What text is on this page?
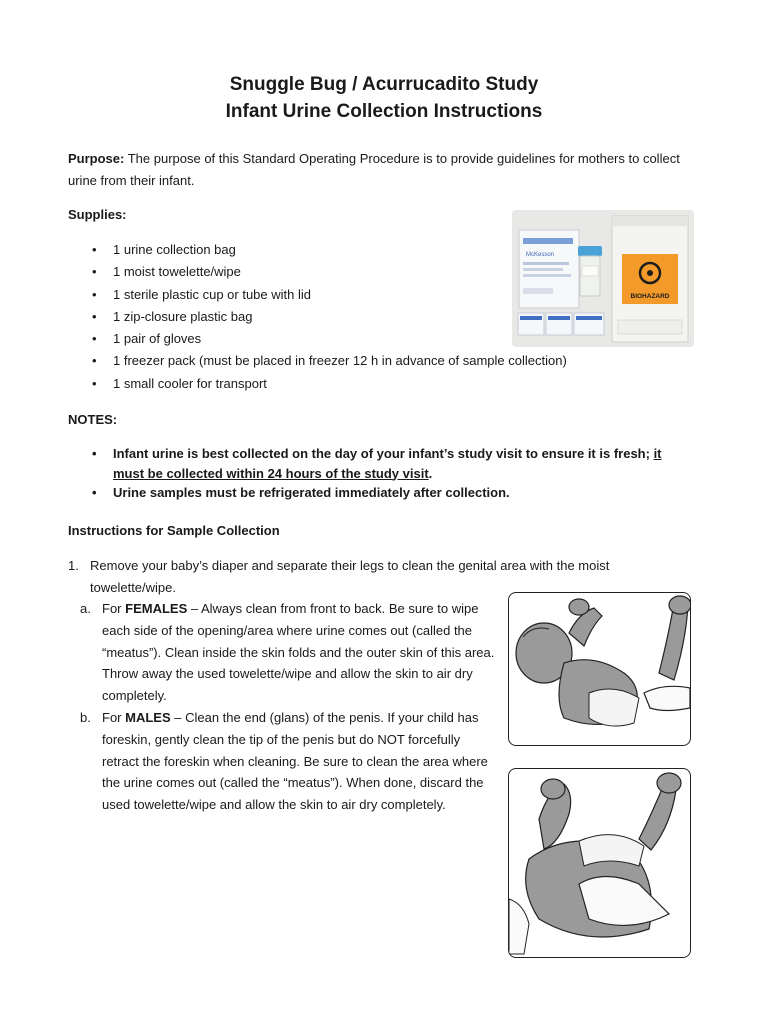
Snuggle Bug / Acurrucadito Study
Infant Urine Collection Instructions
Purpose: The purpose of this Standard Operating Procedure is to provide guidelines for mothers to collect urine from their infant.
Supplies:
• 1 urine collection bag
• 1 moist towelette/wipe
• 1 sterile plastic cup or tube with lid
• 1 zip-closure plastic bag
• 1 pair of gloves
• 1 freezer pack (must be placed in freezer 12 h in advance of sample collection)
• 1 small cooler for transport
McKesson
BIOHAZARD
NOTES:
• Infant urine is best collected on the day of your infant’s study visit to ensure it is fresh; it must be collected within 24 hours of the study visit.
• Urine samples must be refrigerated immediately after collection.
Instructions for Sample Collection
1. Remove your baby’s diaper and separate their legs to clean the genital area with the moist towelette/wipe.
a. For FEMALES – Always clean from front to back. Be sure to wipe each side of the opening/area where urine comes out (called the “meatus”). Clean inside the skin folds and the outer skin of this area. Throw away the used towelette/wipe and allow the skin to air dry completely.
b. For MALES – Clean the end (glans) of the penis. If your child has foreskin, gently clean the tip of the penis but do NOT forcefully retract the foreskin when cleaning. Be sure to clean the area where the urine comes out (called the “meatus”). When done, discard the used towelette/wipe and allow the skin to air dry completely.
